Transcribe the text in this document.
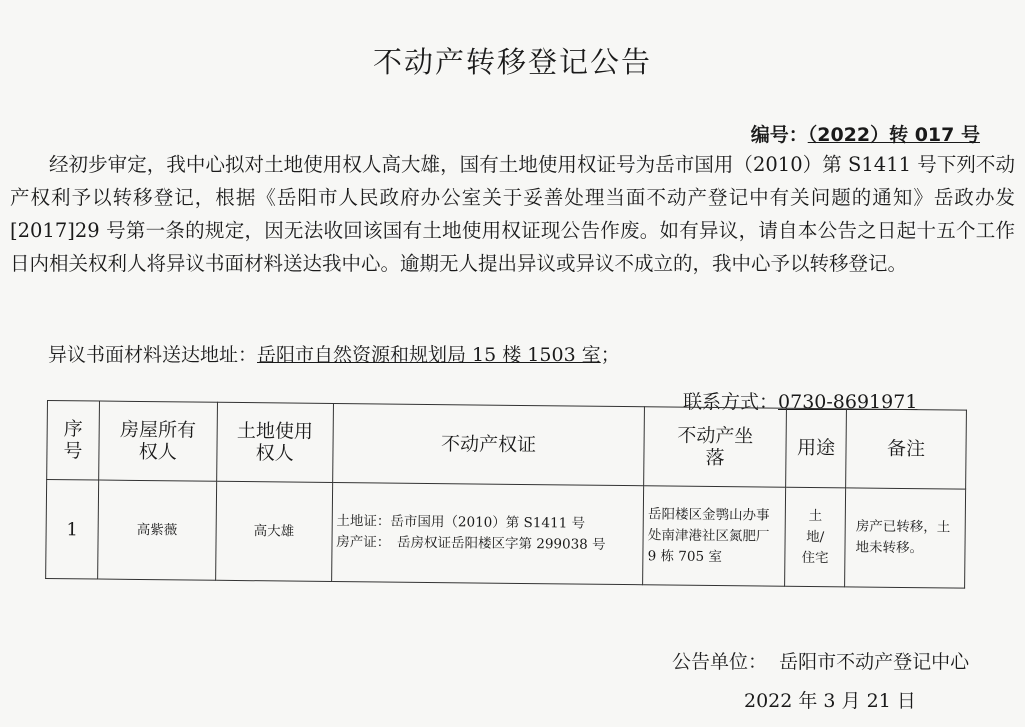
不动产转移登记公告
编号：（2022）转 017 号

经初步审定，我中心拟对土地使用权人高大雄，国有土地使用权证号为岳市国用（2010）第 S1411 号下列不动产权利予以转移登记，根据《岳阳市人民政府办公室关于妥善处理当面不动产登记中有关问题的通知》岳政办发[2017]29 号第一条的规定，因无法收回该国有土地使用权证现公告作废。如有异议，请自本公告之日起十五个工作日内相关权利人将异议书面材料送达我中心。逾期无人提出异议或异议不成立的，我中心予以转移登记。

异议书面材料送达地址：岳阳市自然资源和规划局 15 楼 1503 室；
联系方式：0730-8691971
序号	房屋所有权人	土地使用权人	不动产权证	不动产坐落	用途	备注
1	高紫薇	高大雄	土地证：岳市国用（2010）第 S1411 号
房产证：　岳房权证岳阳楼区字第 299038 号	岳阳楼区金鹗山办事处南津港社区氮肥厂 9 栋 705 室	土地/住宅	房产已转移，土地未转移。
公告单位： 岳阳市不动产登记中心
2022 年 3 月 21 日
